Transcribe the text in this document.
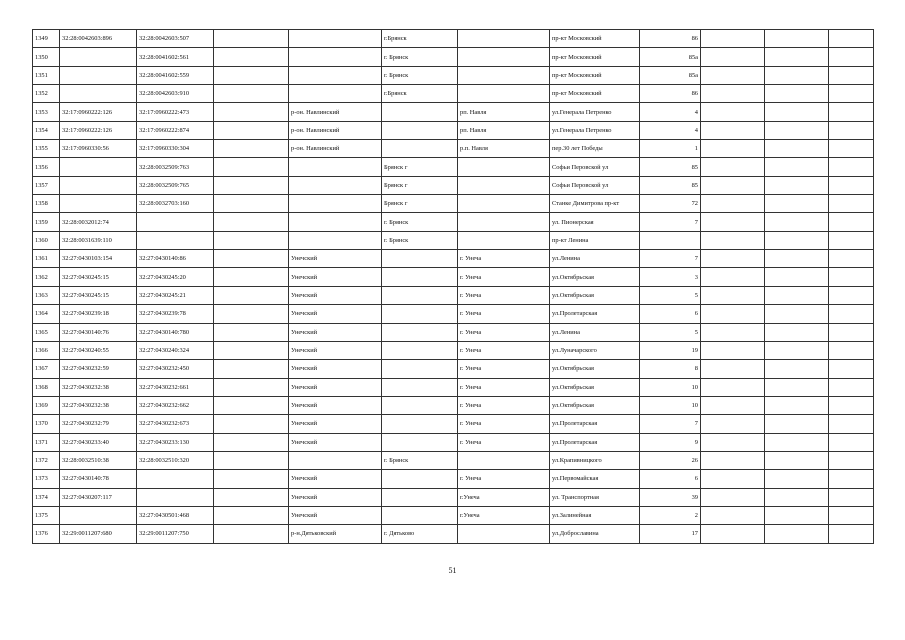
1349	32:28:0042603:896	32:28:0042603:507			г.Брянск		пр-кт Московский	86			
1350		32:28:0041602:561			г. Брянск		пр-кт Московский	85а			
1351		32:28:0041602:559			г. Брянск		пр-кт Московский	85а			
1352		32:28:0042603:910			г.Брянск		пр-кт Московский	86			
1353	32:17:0960222:126	32:17:0960222:473		р-он. Навлинский		рп. Навля	ул.Генерала Петренко	4			
1354	32:17:0960222:126	32:17:0960222:874		р-он. Навлинский		рп. Навля	ул.Генерала Петренко	4			
1355	32:17:0960330:56	32:17:0960330:304		р-он. Навлинский		р.п. Навля	пер.30 лет Победы	1			
1356		32:28:0032509:763			Брянск г		Софьи Перовской ул	85			
1357		32:28:0032509:765			Брянск г		Софьи Перовской ул	85			
1358		32:28:0032703:160			Брянск г		Станке Димитрова пр-кт	72			
1359	32:28:0032012:74				г. Брянск		ул. Пионерская	7			
1360	32:28:0031639:110				г. Брянск		пр-кт Ленина				
1361	32:27:0430103:154	32:27:0430140:86		Унечский		г. Унеча	ул.Ленина	7			
1362	32:27:0430245:15	32:27:0430245:20		Унечский		г. Унеча	ул.Октябрьская	3			
1363	32:27:0430245:15	32:27:0430245:21		Унечский		г. Унеча	ул.Октябрьская	5			
1364	32:27:0430239:18	32:27:0430239:78		Унечский		г. Унеча	ул.Пролетарская	6			
1365	32:27:0430140:76	32:27:0430140:780		Унечский		г. Унеча	ул.Ленина	5			
1366	32:27:0430240:55	32:27:0430240:324		Унечский		г. Унеча	ул.Луначарского	19			
1367	32:27:0430232:59	32:27:0430232:450		Унечский		г. Унеча	ул.Октябрьская	8			
1368	32:27:0430232:38	32:27:0430232:661		Унечский		г. Унеча	ул.Октябрьская	10			
1369	32:27:0430232:38	32:27:0430232:662		Унечский		г. Унеча	ул.Октябрьская	10			
1370	32:27:0430232:79	32:27:0430232:673		Унечский		г. Унеча	ул.Пролетарская	7			
1371	32:27:0430233:40	32:27:0430233:130		Унечский		г. Унеча	ул.Пролетарская	9			
1372	32:28:0032510:38	32:28:0032510:320			г. Брянск		ул.Крапивницкого	26			
1373	32:27:0430140:78			Унечский		г. Унеча	ул.Первомайская	6			
1374	32:27:0430207:117			Унечский		г.Унеча	ул. Транспортная	39			
1375		32:27:0430501:468		Унечский		г.Унеча	ул.Залинейная	2			
1376	32:29:0011207:680	32:29:0011207:750		р-н.Дятьковский	г. Дятьково		ул.Доброславина	17			
51
